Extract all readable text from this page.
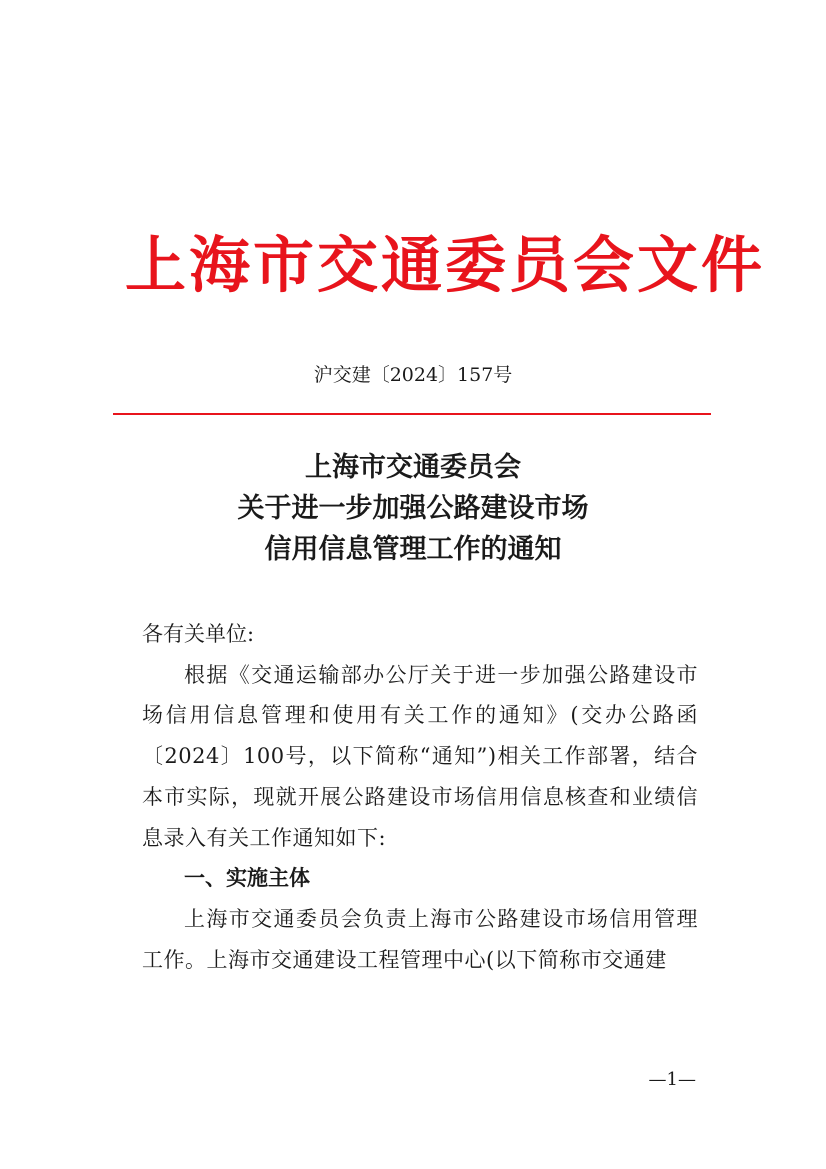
上海市交通委员会文件
沪交建〔2024〕157号
上海市交通委员会
关于进一步加强公路建设市场
信用信息管理工作的通知

各有关单位:

根据《交通运输部办公厅关于进一步加强公路建设市场信用信息管理和使用有关工作的通知》(交办公路函〔2024〕100号，以下简称“通知”)相关工作部署，结合本市实际，现就开展公路建设市场信用信息核查和业绩信息录入有关工作通知如下:

一、实施主体

上海市交通委员会负责上海市公路建设市场信用管理工作。上海市交通建设工程管理中心(以下简称市交通建

—1—
